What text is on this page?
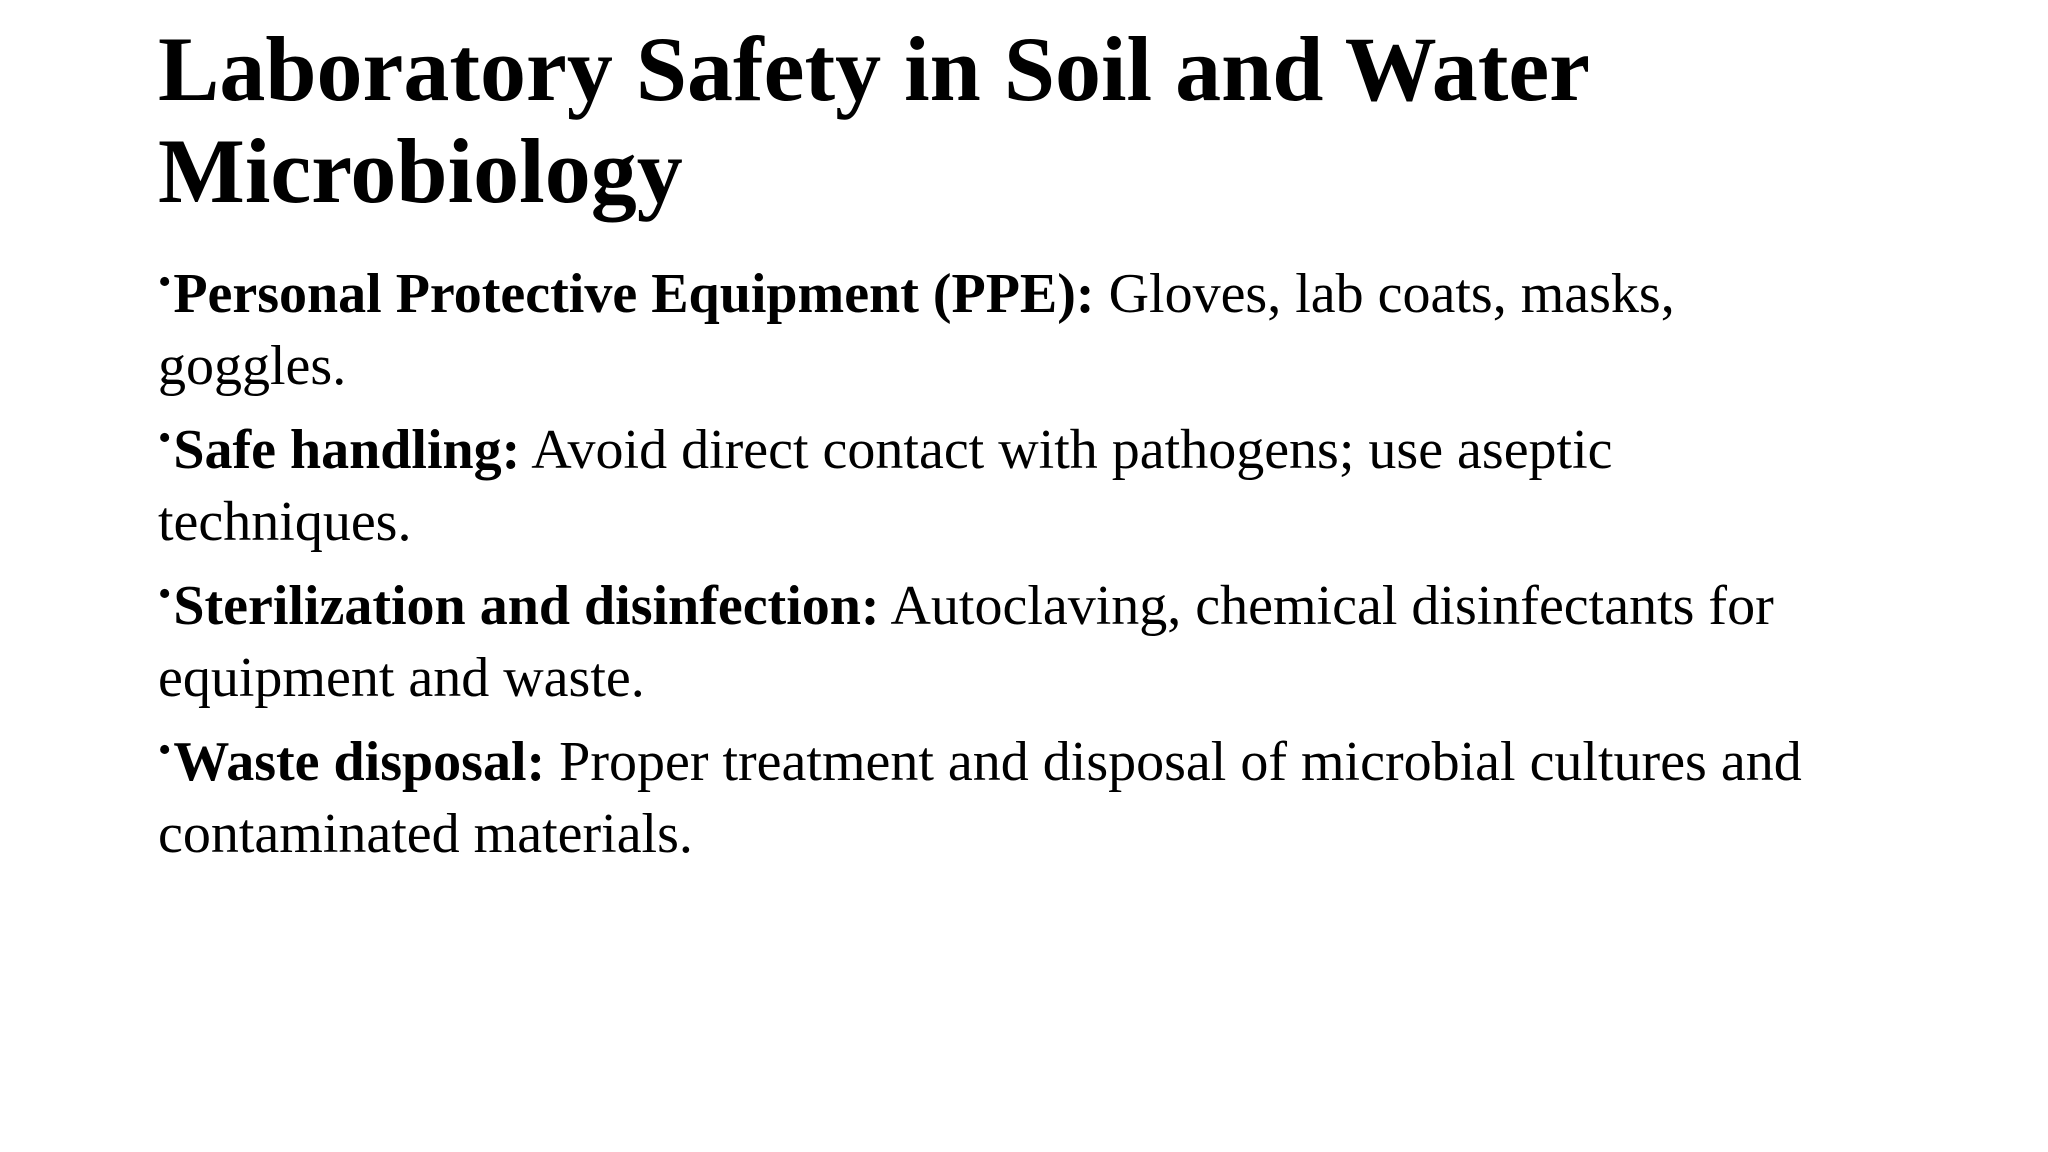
Laboratory Safety in Soil and Water Microbiology
•Personal Protective Equipment (PPE): Gloves, lab coats, masks, goggles.
•Safe handling: Avoid direct contact with pathogens; use aseptic techniques.
•Sterilization and disinfection: Autoclaving, chemical disinfectants for equipment and waste.
•Waste disposal: Proper treatment and disposal of microbial cultures and contaminated materials.
